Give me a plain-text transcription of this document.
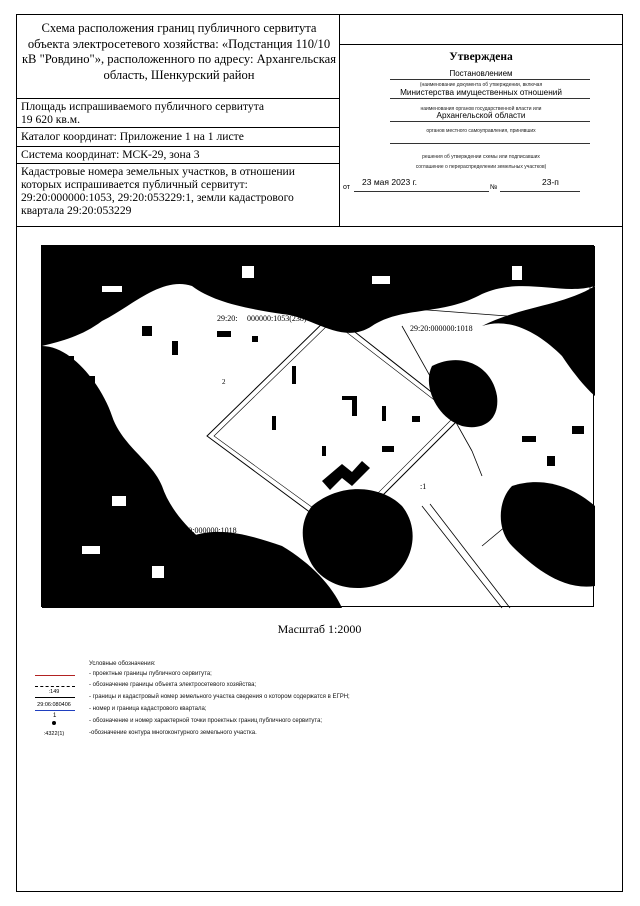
Схема расположения границ публичного сервитута объекта электросетевого хозяйства: «Подстанция 110/10 кВ "Ровдино"», расположенного по адресу: Архангельская область, Шенкурский район
Площадь испрашиваемого публичного сервитута
19 620 кв.м.
Каталог координат: Приложение 1 на 1 листе
Система координат: МСК-29, зона 3
Кадастровые номера земельных участков, в отношении
которых испрашивается публичный сервитут:
29:20:000000:1053, 29:20:053229:1, земли кадастрового
квартала 29:20:053229
Утверждена
Постановлением
(наименование документа об утверждении, включая
Министерства имущественных отношений
наименования органов государственной власти или
Архангельской области
органов местного самоуправления, принявших
решения об утверждении схемы или подписавших
соглашение о перераспределении земельных участков)
от
23 мая 2023 г.
№
23-п
29:20: 000000:1053(238)
29:20:000000:1018
29:20:000000:1018
:1
2
4
С
Ю
Масштаб 1:2000
Условные обозначения:
- проектные границы публичного сервитута;
- обозначение границы объекта электросетевого хозяйства;
:149
- границы и кадастровый номер земельного участка сведения о котором содержатся в ЕГРН;
29:06:080406
- номер и граница кадастрового квартала;
1
- обозначение и номер характерной точки проектных границ публичного сервитута;
:4322(1)	-обозначение контура многоконтурного земельного участка.
